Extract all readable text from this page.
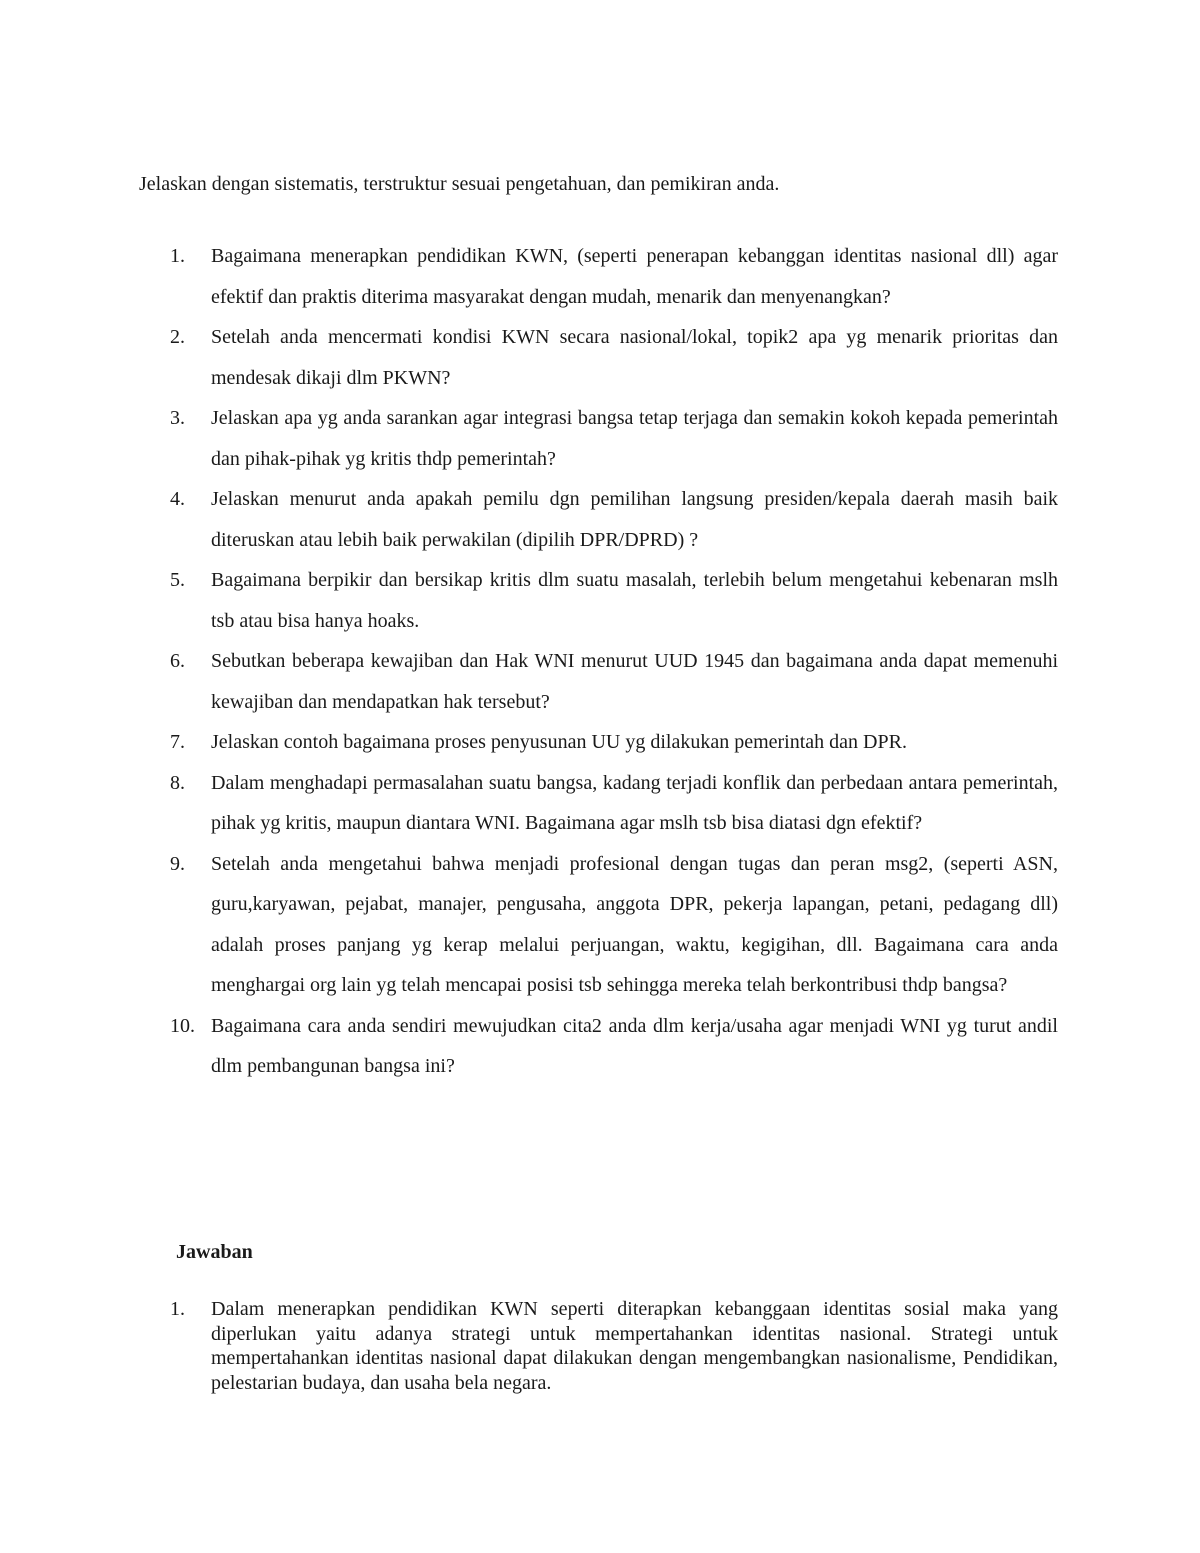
Jelaskan dengan sistematis, terstruktur sesuai pengetahuan, dan pemikiran anda.

1. Bagaimana menerapkan pendidikan KWN, (seperti penerapan kebanggan identitas nasional dll) agar efektif dan praktis diterima masyarakat dengan mudah, menarik dan menyenangkan?
2. Setelah anda mencermati kondisi KWN secara nasional/lokal, topik2 apa yg menarik prioritas dan mendesak dikaji dlm PKWN?
3. Jelaskan apa yg anda sarankan agar integrasi bangsa tetap terjaga dan semakin kokoh kepada pemerintah dan pihak-pihak yg kritis thdp pemerintah?
4. Jelaskan menurut anda apakah pemilu dgn pemilihan langsung presiden/kepala daerah masih baik diteruskan atau lebih baik perwakilan (dipilih DPR/DPRD) ?
5. Bagaimana berpikir dan bersikap kritis dlm suatu masalah, terlebih belum mengetahui kebenaran mslh tsb atau bisa hanya hoaks.
6. Sebutkan beberapa kewajiban dan Hak WNI menurut UUD 1945 dan bagaimana anda dapat memenuhi kewajiban dan mendapatkan hak tersebut?
7. Jelaskan contoh bagaimana proses penyusunan UU yg dilakukan pemerintah dan DPR.
8. Dalam menghadapi permasalahan suatu bangsa, kadang terjadi konflik dan perbedaan antara pemerintah, pihak yg kritis, maupun diantara WNI. Bagaimana agar mslh tsb bisa diatasi dgn efektif?
9. Setelah anda mengetahui bahwa menjadi profesional dengan tugas dan peran msg2, (seperti ASN, guru,karyawan, pejabat, manajer, pengusaha, anggota DPR, pekerja lapangan, petani, pedagang dll) adalah proses panjang yg kerap melalui perjuangan, waktu, kegigihan, dll. Bagaimana cara anda menghargai org lain yg telah mencapai posisi tsb sehingga mereka telah berkontribusi thdp bangsa?
10. Bagaimana cara anda sendiri mewujudkan cita2 anda dlm kerja/usaha agar menjadi WNI yg turut andil dlm pembangunan bangsa ini?

Jawaban

1. Dalam menerapkan pendidikan KWN seperti diterapkan kebanggaan identitas sosial maka yang diperlukan yaitu adanya strategi untuk mempertahankan identitas nasional. Strategi untuk mempertahankan identitas nasional dapat dilakukan dengan mengembangkan nasionalisme, Pendidikan, pelestarian budaya, dan usaha bela negara.
